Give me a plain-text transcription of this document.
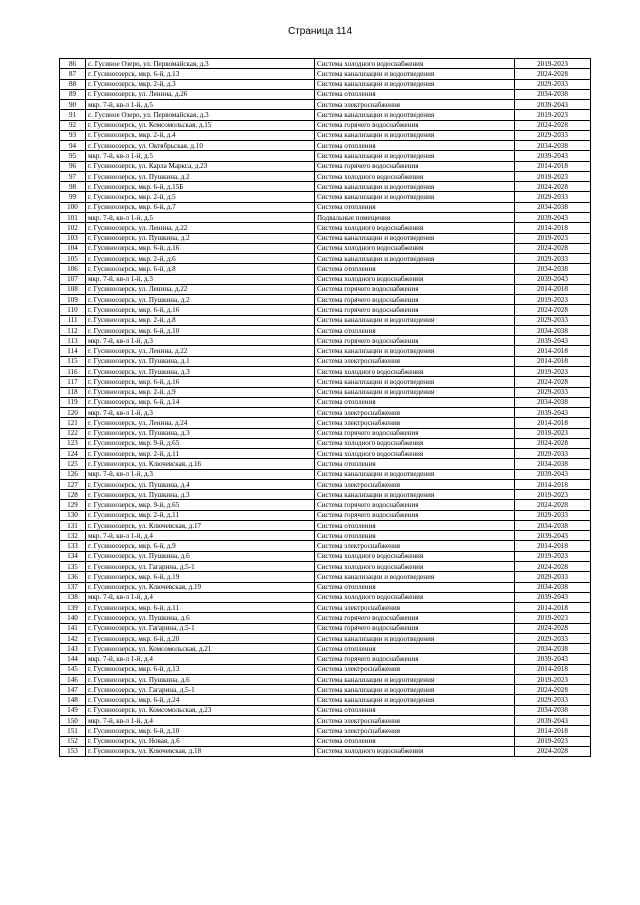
Страница 114
86	с. Гусиное Озеро, ул. Первомайская, д.3	Система холодного водоснабжения	2019-2023
87	г. Гусиноозерск, мкр. 6-й, д.13	Система канализации и водоотведения	2024-2028
88	г. Гусиноозерск, мкр. 2-й, д.3	Система канализации и водоотведения	2029-2033
89	г. Гусиноозерск, ул. Ленина, д.26	Система отопления	2034-2038
90	мкр. 7-й, кв-л 1-й, д.5	Система электроснабжения	2039-2043
91	с. Гусиное Озеро, ул. Первомайская, д.3	Система канализации и водоотведения	2019-2023
92	г. Гусиноозерск, ул. Комсомольская, д.15	Система горячего водоснабжения	2024-2028
93	г. Гусиноозерск, мкр. 2-й, д.4	Система канализации и водоотведения	2029-2033
94	г. Гусиноозерск, ул. Октябрьская, д.10	Система отопления	2034-2038
95	мкр. 7-й, кв-л 1-й, д.5	Система канализации и водоотведения	2039-2043
96	г. Гусиноозерск, ул. Карла Маркса, д.23	Система горячего водоснабжения	2014-2018
97	г. Гусиноозерск, ул. Пушкина, д.2	Система холодного водоснабжения	2019-2023
98	г. Гусиноозерск, мкр. 6-й, д.15Б	Система канализации и водоотведения	2024-2028
99	г. Гусиноозерск, мкр. 2-й, д.5	Система канализации и водоотведения	2029-2033
100	г. Гусиноозерск, мкр. 6-й, д.7	Система отопления	2034-2038
101	мкр. 7-й, кв-л 1-й, д.5	Подвальные помещения	2039-2043
102	г. Гусиноозерск, ул. Ленина, д.22	Система холодного водоснабжения	2014-2018
103	г. Гусиноозерск, ул. Пушкина, д.2	Система канализации и водоотведения	2019-2023
104	г. Гусиноозерск, мкр. 6-й, д.16	Система холодного водоснабжения	2024-2028
105	г. Гусиноозерск, мкр. 2-й, д.6	Система канализации и водоотведения	2029-2033
106	г. Гусиноозерск, мкр. 6-й, д.8	Система отопления	2034-2038
107	мкр. 7-й, кв-л 1-й, д.3	Система холодного водоснабжения	2039-2043
108	г. Гусиноозерск, ул. Ленина, д.22	Система горячего водоснабжения	2014-2018
109	г. Гусиноозерск, ул. Пушкина, д.2	Система горячего водоснабжения	2019-2023
110	г. Гусиноозерск, мкр. 6-й, д.16	Система горячего водоснабжения	2024-2028
111	г. Гусиноозерск, мкр. 2-й, д.8	Система канализации и водоотведения	2029-2033
112	г. Гусиноозерск, мкр. 6-й, д.10	Система отопления	2034-2038
113	мкр. 7-й, кв-л 1-й, д.3	Система горячего водоснабжения	2039-2043
114	г. Гусиноозерск, ул. Ленина, д.22	Система канализации и водоотведения	2014-2018
115	г. Гусиноозерск, ул. Пушкина, д.1	Система электроснабжения	2014-2018
116	г. Гусиноозерск, ул. Пушкина, д.3	Система холодного водоснабжения	2019-2023
117	г. Гусиноозерск, мкр. 6-й, д.16	Система канализации и водоотведения	2024-2028
118	г. Гусиноозерск, мкр. 2-й, д.9	Система канализации и водоотведения	2029-2033
119	г. Гусиноозерск, мкр. 6-й, д.14	Система отопления	2034-2038
120	мкр. 7-й, кв-л 1-й, д.3	Система электроснабжения	2039-2043
121	г. Гусиноозерск, ул. Ленина, д.24	Система электроснабжения	2014-2018
122	г. Гусиноозерск, ул. Пушкина, д.3	Система горячего водоснабжения	2019-2023
123	г. Гусиноозерск, мкр. 9-й, д.65	Система холодного водоснабжения	2024-2028
124	г. Гусиноозерск, мкр. 2-й, д.11	Система холодного водоснабжения	2029-2033
125	г. Гусиноозерск, ул. Ключевская, д.16	Система отопления	2034-2038
126	мкр. 7-й, кв-л 1-й, д.3	Система канализации и водоотведения	2039-2043
127	г. Гусиноозерск, ул. Пушкина, д.4	Система электроснабжения	2014-2018
128	г. Гусиноозерск, ул. Пушкина, д.3	Система канализации и водоотведения	2019-2023
129	г. Гусиноозерск, мкр. 9-й, д.65	Система горячего водоснабжения	2024-2028
130	г. Гусиноозерск, мкр. 2-й, д.11	Система горячего водоснабжения	2029-2033
131	г. Гусиноозерск, ул. Ключевская, д.17	Система отопления	2034-2038
132	мкр. 7-й, кв-л 1-й, д.4	Система отопления	2039-2043
133	г. Гусиноозерск, мкр. 6-й, д.9	Система электроснабжения	2014-2018
134	г. Гусиноозерск, ул. Пушкина, д.6	Система холодного водоснабжения	2019-2023
135	г. Гусиноозерск, ул. Гагарина, д.5-1	Система холодного водоснабжения	2024-2028
136	г. Гусиноозерск, мкр. 6-й, д.19	Система канализации и водоотведения	2029-2033
137	г. Гусиноозерск, ул. Ключевская, д.19	Система отопления	2034-2038
138	мкр. 7-й, кв-л 1-й, д.4	Система холодного водоснабжения	2039-2043
139	г. Гусиноозерск, мкр. 6-й, д.11	Система электроснабжения	2014-2018
140	г. Гусиноозерск, ул. Пушкина, д.6	Система горячего водоснабжения	2019-2023
141	г. Гусиноозерск, ул. Гагарина, д.5-1	Система горячего водоснабжения	2024-2028
142	г. Гусиноозерск, мкр. 6-й, д.20	Система канализации и водоотведения	2029-2033
143	г. Гусиноозерск, ул. Комсомольская, д.21	Система отопления	2034-2038
144	мкр. 7-й, кв-л 1-й, д.4	Система горячего водоснабжения	2039-2043
145	г. Гусиноозерск, мкр. 6-й, д.13	Система электроснабжения	2014-2018
146	г. Гусиноозерск, ул. Пушкина, д.6	Система канализации и водоотведения	2019-2023
147	г. Гусиноозерск, ул. Гагарина, д.5-1	Система канализации и водоотведения	2024-2028
148	г. Гусиноозерск, мкр. 6-й, д.24	Система канализации и водоотведения	2029-2033
149	г. Гусиноозерск, ул. Комсомольская, д.23	Система отопления	2034-2038
150	мкр. 7-й, кв-л 1-й, д.4	Система электроснабжения	2039-2043
151	г. Гусиноозерск, мкр. 6-й, д.10	Система электроснабжения	2014-2018
152	г. Гусиноозерск, ул. Новая, д.6	Система отопления	2019-2023
153	г. Гусиноозерск, ул. Ключевская, д.18	Система холодного водоснабжения	2024-2028
